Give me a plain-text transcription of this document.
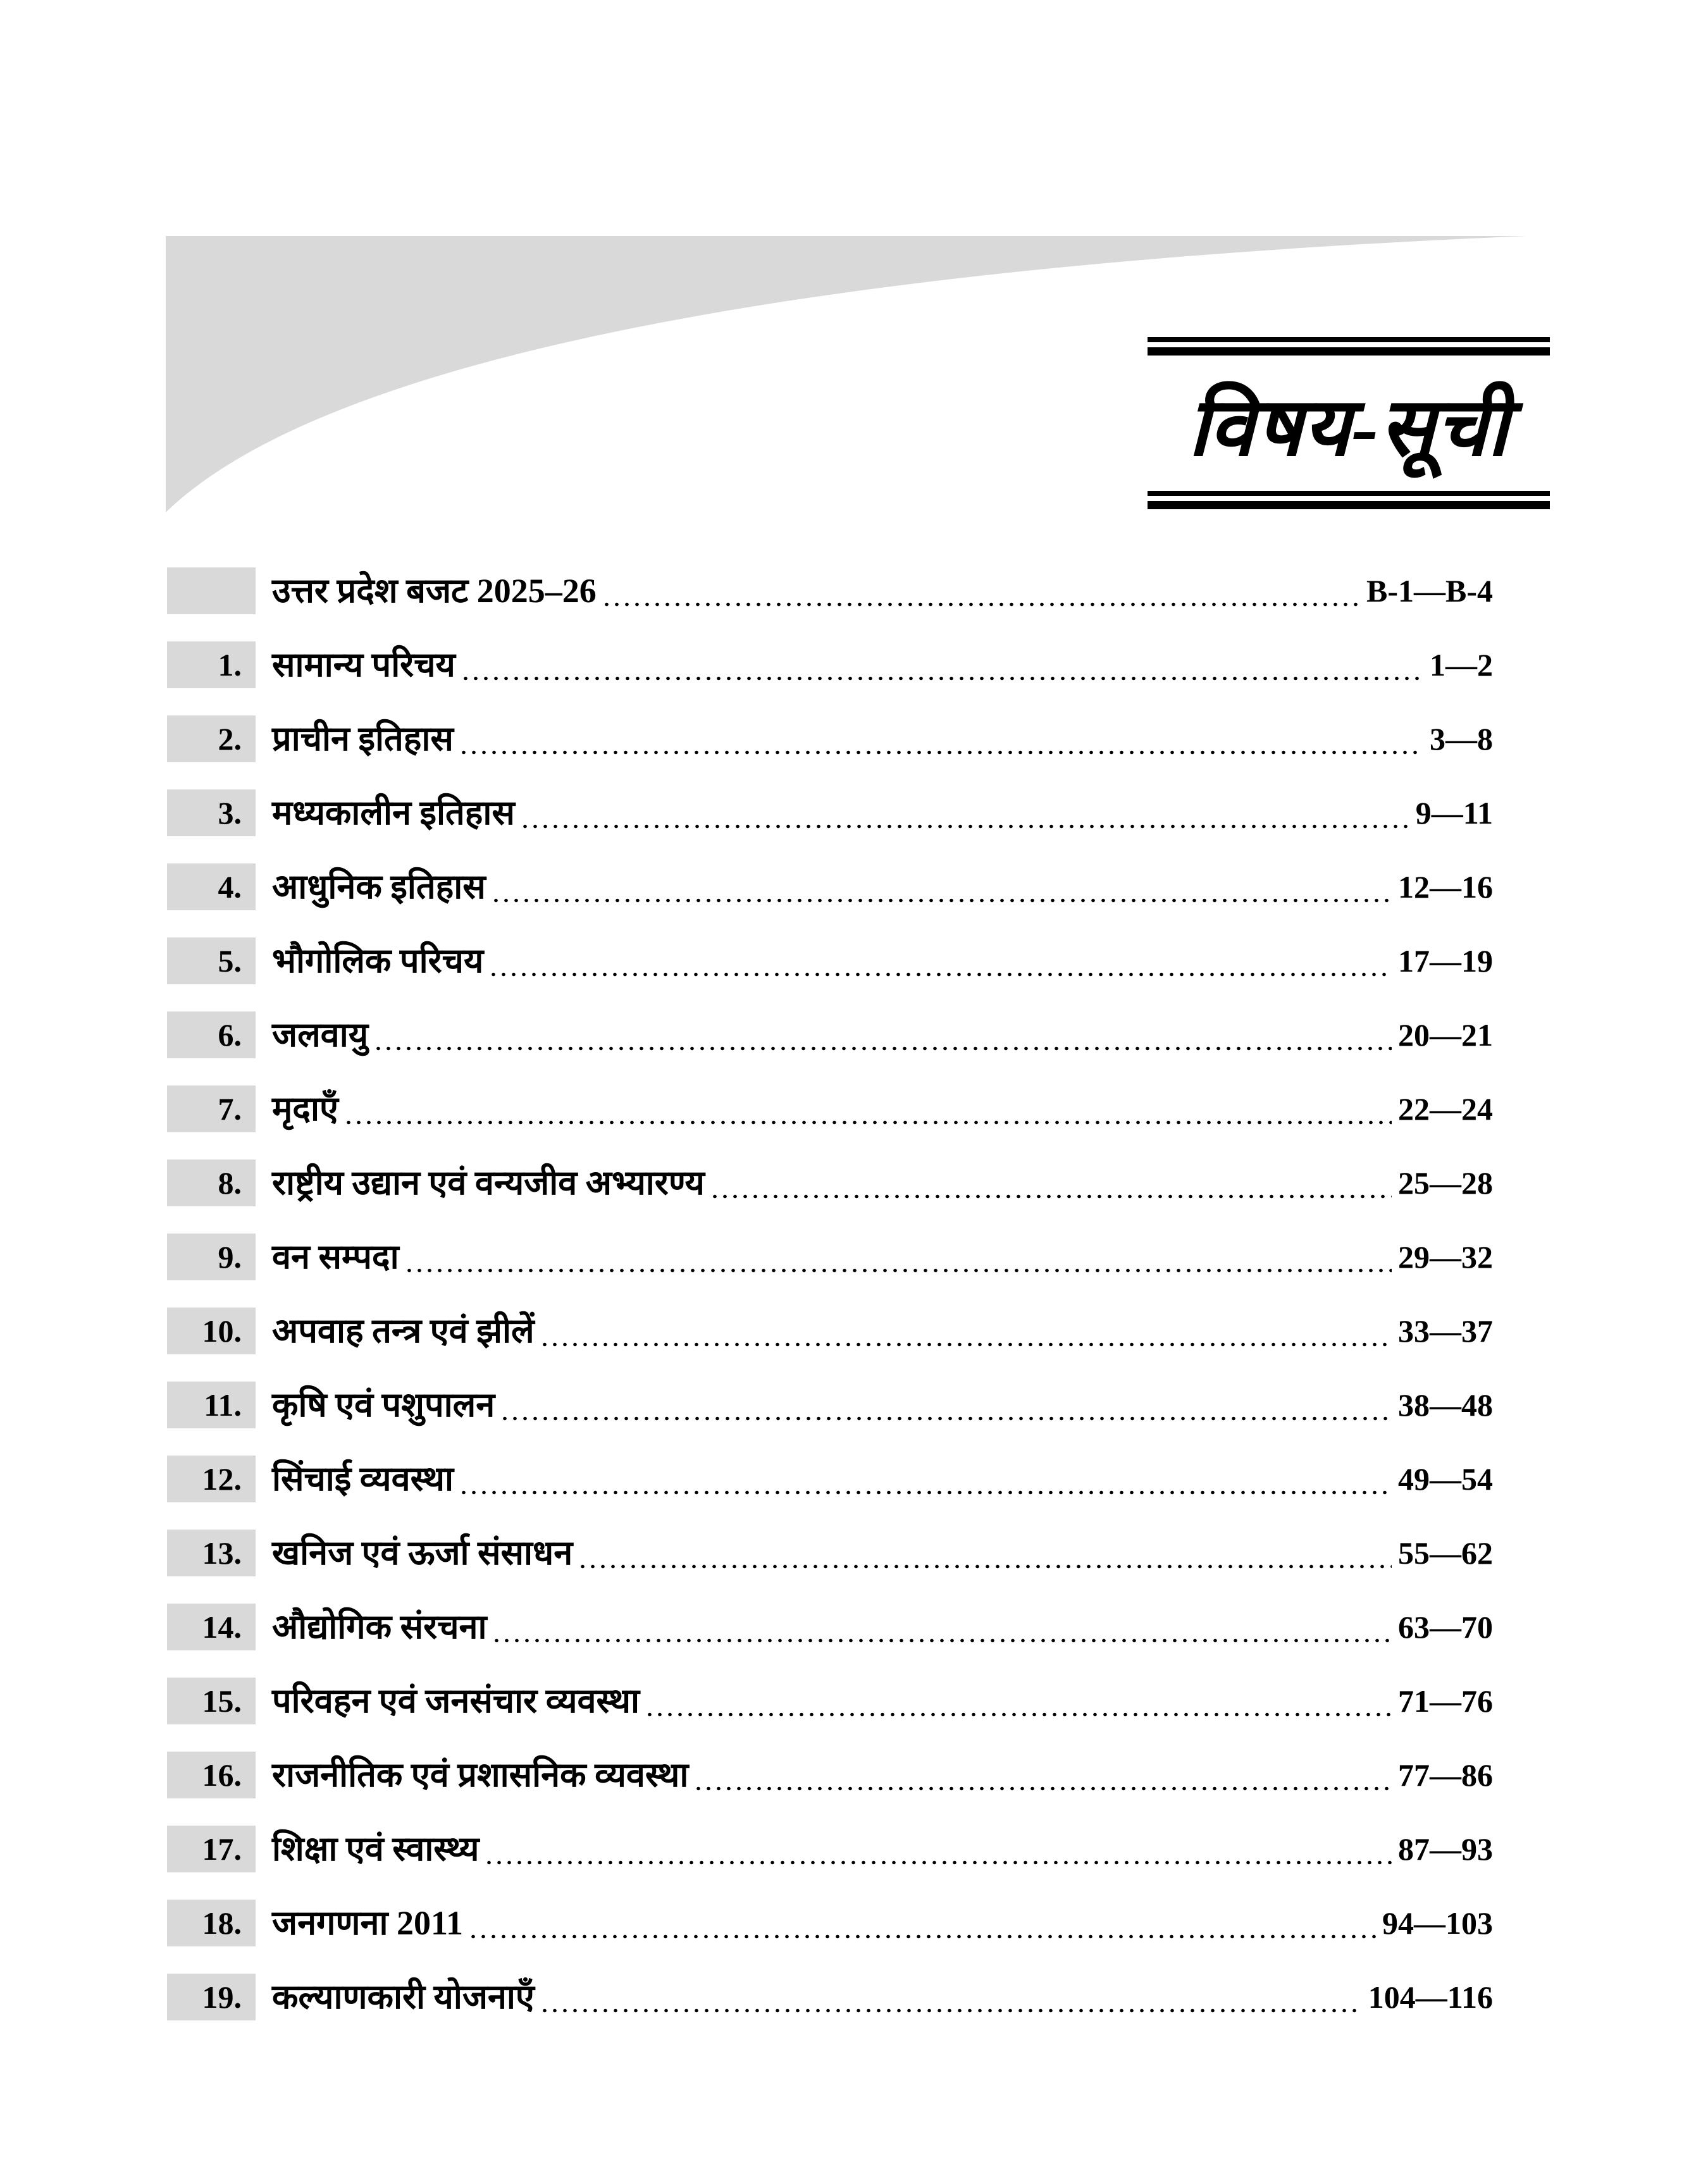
विषय-सूची
उत्तर प्रदेश बजट 2025–26	B-1—B-4
1. सामान्य परिचय	1—2
2. प्राचीन इतिहास	3—8
3. मध्यकालीन इतिहास	9—11
4. आधुनिक इतिहास	12—16
5. भौगोलिक परिचय	17—19
6. जलवायु	20—21
7. मृदाएँ	22—24
8. राष्ट्रीय उद्यान एवं वन्यजीव अभ्यारण्य	25—28
9. वन सम्पदा	29—32
10. अपवाह तन्त्र एवं झीलें	33—37
11. कृषि एवं पशुपालन	38—48
12. सिंचाई व्यवस्था	49—54
13. खनिज एवं ऊर्जा संसाधन	55—62
14. औद्योगिक संरचना	63—70
15. परिवहन एवं जनसंचार व्यवस्था	71—76
16. राजनीतिक एवं प्रशासनिक व्यवस्था	77—86
17. शिक्षा एवं स्वास्थ्य	87—93
18. जनगणना 2011	94—103
19. कल्याणकारी योजनाएँ	104—116
